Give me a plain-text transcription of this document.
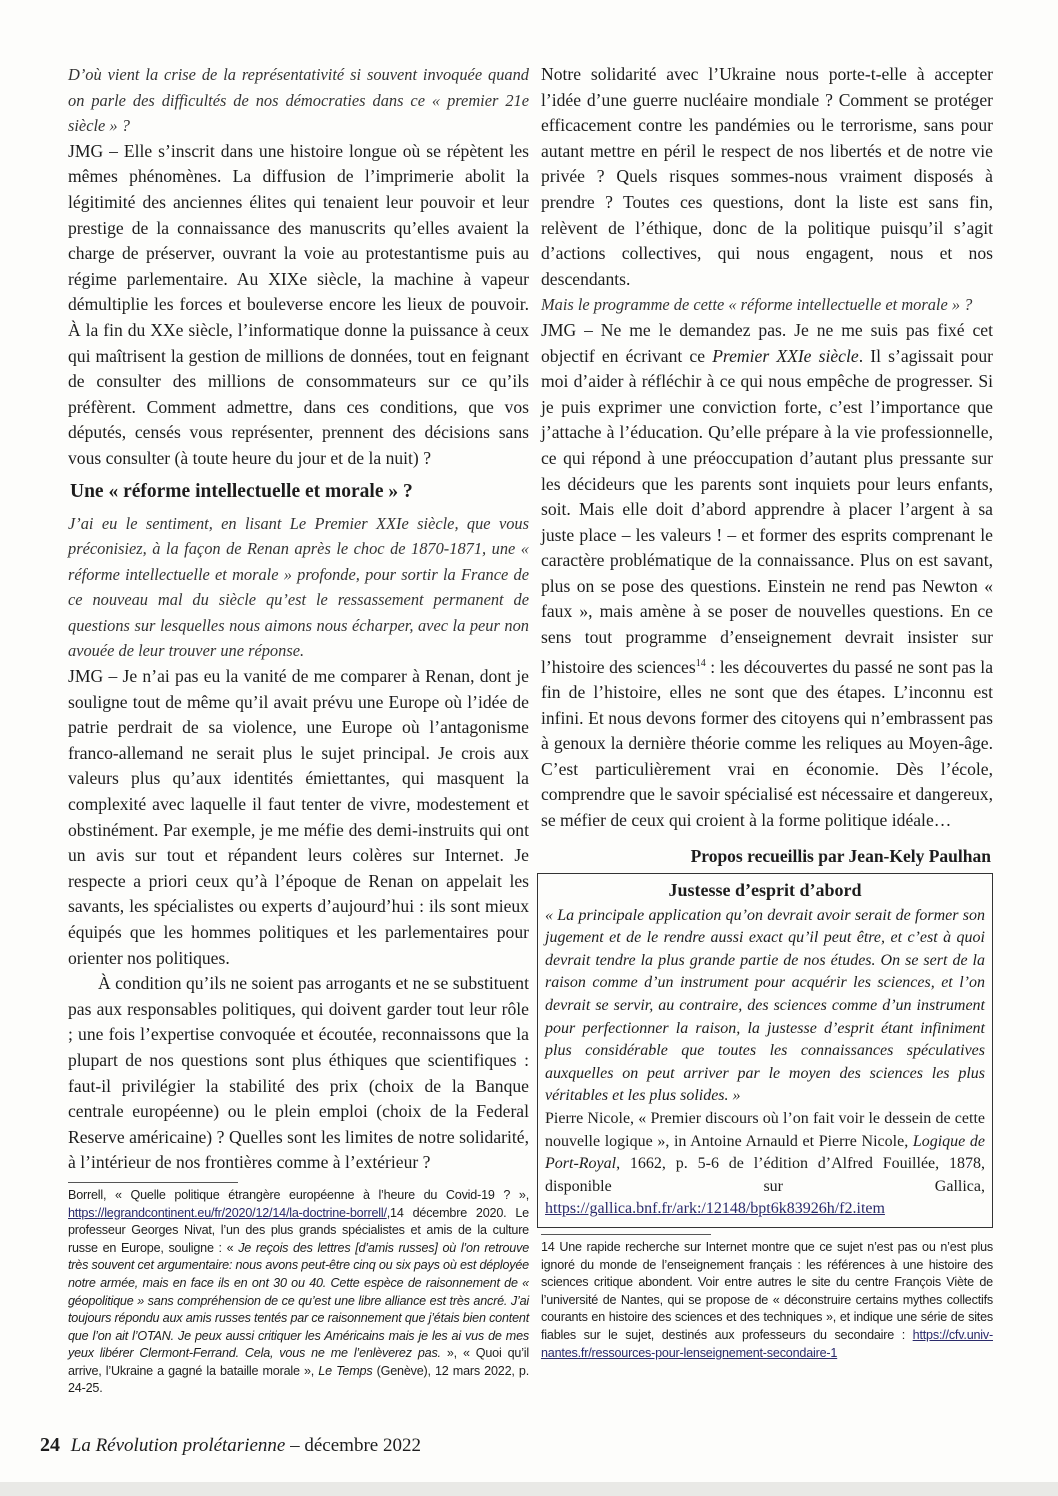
D’où vient la crise de la représentativité si souvent invoquée quand on parle des difficultés de nos démocraties dans ce « premier 21e siècle » ?

JMG – Elle s’inscrit dans une histoire longue où se répètent les mêmes phénomènes. La diffusion de l’imprimerie abolit la légitimité des anciennes élites qui tenaient leur pouvoir et leur prestige de la connaissance des manuscrits qu’elles avaient la charge de préserver, ouvrant la voie au protestantisme puis au régime parlementaire. Au XIXe siècle, la machine à vapeur démultiplie les forces et bouleverse encore les lieux de pouvoir. À la fin du XXe siècle, l’informatique donne la puissance à ceux qui maîtrisent la gestion de millions de données, tout en feignant de consulter des millions de consommateurs sur ce qu’ils préfèrent. Comment admettre, dans ces conditions, que vos députés, censés vous représenter, prennent des décisions sans vous consulter (à toute heure du jour et de la nuit) ?

Une « réforme intellectuelle et morale » ?

J’ai eu le sentiment, en lisant Le Premier XXIe siècle, que vous préconisiez, à la façon de Renan après le choc de 1870-1871, une « réforme intellectuelle et morale » profonde, pour sortir la France de ce nouveau mal du siècle qu’est le ressassement permanent de questions sur lesquelles nous aimons nous écharper, avec la peur non avouée de leur trouver une réponse.

JMG – Je n’ai pas eu la vanité de me comparer à Renan, dont je souligne tout de même qu’il avait prévu une Europe où l’idée de patrie perdrait de sa violence, une Europe où l’antagonisme franco-allemand ne serait plus le sujet principal. Je crois aux valeurs plus qu’aux identités émiettantes, qui masquent la complexité avec laquelle il faut tenter de vivre, modestement et obstinément. Par exemple, je me méfie des demi-instruits qui ont un avis sur tout et répandent leurs colères sur Internet. Je respecte a priori ceux qu’à l’époque de Renan on appelait les savants, les spécialistes ou experts d’aujourd’hui : ils sont mieux équipés que les hommes politiques et les parlementaires pour orienter nos politiques.

À condition qu’ils ne soient pas arrogants et ne se substituent pas aux responsables politiques, qui doivent garder tout leur rôle ; une fois l’expertise convoquée et écoutée, reconnaissons que la plupart de nos questions sont plus éthiques que scientifiques : faut-il privilégier la stabilité des prix (choix de la Banque centrale européenne) ou le plein emploi (choix de la Federal Reserve américaine) ? Quelles sont les limites de notre solidarité, à l’intérieur de nos frontières comme à l’extérieur ?

Borrell, « Quelle politique étrangère européenne à l’heure du Covid-19 ? », https://legrandcontinent.eu/fr/2020/12/14/la-doctrine-borrell/,14 décembre 2020. Le professeur Georges Nivat, l’un des plus grands spécialistes et amis de la culture russe en Europe, souligne : « Je reçois des lettres [d’amis russes] où l’on retrouve très souvent cet argumentaire: nous avons peut-être cinq ou six pays où est déployée notre armée, mais en face ils en ont 30 ou 40. Cette espèce de raisonnement de « géopolitique » sans compréhension de ce qu’est une libre alliance est très ancré. J’ai toujours répondu aux amis russes tentés par ce raisonnement que j’étais bien content que l’on ait l’OTAN. Je peux aussi critiquer les Américains mais je les ai vus de mes yeux libérer Clermont-Ferrand. Cela, vous ne me l’enlèverez pas. », « Quoi qu’il arrive, l’Ukraine a gagné la bataille morale », Le Temps (Genève), 12 mars 2022, p. 24-25.

Notre solidarité avec l’Ukraine nous porte-t-elle à accepter l’idée d’une guerre nucléaire mondiale ? Comment se protéger efficacement contre les pandémies ou le terrorisme, sans pour autant mettre en péril le respect de nos libertés et de notre vie privée ? Quels risques sommes-nous vraiment disposés à prendre ? Toutes ces questions, dont la liste est sans fin, relèvent de l’éthique, donc de la politique puisqu’il s’agit d’actions collectives, qui nous engagent, nous et nos descendants.

Mais le programme de cette « réforme intellectuelle et morale » ?

JMG – Ne me le demandez pas. Je ne me suis pas fixé cet objectif en écrivant ce Premier XXIe siècle. Il s’agissait pour moi d’aider à réfléchir à ce qui nous empêche de progresser. Si je puis exprimer une conviction forte, c’est l’importance que j’attache à l’éducation. Qu’elle prépare à la vie professionnelle, ce qui répond à une préoccupation d’autant plus pressante sur les décideurs que les parents sont inquiets pour leurs enfants, soit. Mais elle doit d’abord apprendre à placer l’argent à sa juste place – les valeurs ! – et former des esprits comprenant le caractère problématique de la connaissance. Plus on est savant, plus on se pose des questions. Einstein ne rend pas Newton « faux », mais amène à se poser de nouvelles questions. En ce sens tout programme d’enseignement devrait insister sur l’histoire des sciences$^{14}$ : les découvertes du passé ne sont pas la fin de l’histoire, elles ne sont que des étapes. L’inconnu est infini. Et nous devons former des citoyens qui n’embrassent pas à genoux la dernière théorie comme les reliques au Moyen-âge. C’est particulièrement vrai en économie. Dès l’école, comprendre que le savoir spécialisé est nécessaire et dangereux, se méfier de ceux qui croient à la forme politique idéale…

Propos recueillis par Jean-Kely Paulhan
Justesse d’esprit d’abord

« La principale application qu’on devrait avoir serait de former son jugement et de le rendre aussi exact qu’il peut être, et c’est à quoi devrait tendre la plus grande partie de nos études. On se sert de la raison comme d’un instrument pour acquérir les sciences, et l’on devrait se servir, au contraire, des sciences comme d’un instrument pour perfectionner la raison, la justesse d’esprit étant infiniment plus considérable que toutes les connaissances spéculatives auxquelles on peut arriver par le moyen des sciences les plus véritables et les plus solides. »

Pierre Nicole, « Premier discours où l’on fait voir le dessein de cette nouvelle logique », in Antoine Arnauld et Pierre Nicole, Logique de Port-Royal, 1662, p. 5-6 de l’édition d’Alfred Fouillée, 1878, disponible sur Gallica, https://gallica.bnf.fr/ark:/12148/bpt6k83926h/f2.item

14 Une rapide recherche sur Internet montre que ce sujet n’est pas ou n’est plus ignoré du monde de l’enseignement français : les références à une histoire des sciences critique abondent. Voir entre autres le site du centre François Viète de l’université de Nantes, qui se propose de « déconstruire certains mythes collectifs courants en histoire des sciences et des techniques », et indique une série de sites fiables sur le sujet, destinés aux professeurs du secondaire : https://cfv.univ-nantes.fr/ressources-pour-lenseignement-secondaire-1

24 La Révolution prolétarienne – décembre 2022
